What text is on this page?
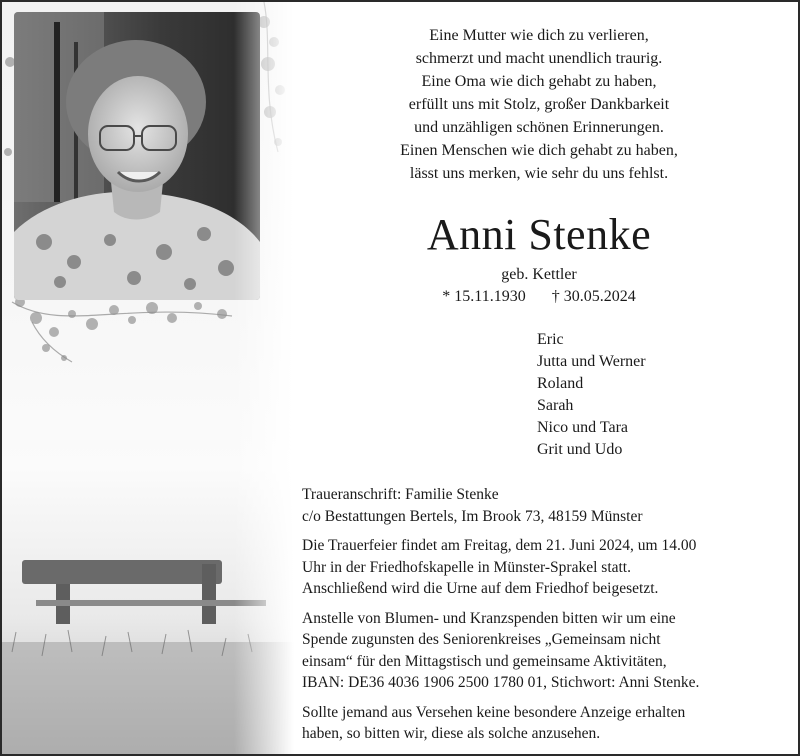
Eine Mutter wie dich zu verlieren,
schmerzt und macht unendlich traurig.
Eine Oma wie dich gehabt zu haben,
erfüllt uns mit Stolz, großer Dankbarkeit
und unzähligen schönen Erinnerungen.
Einen Menschen wie dich gehabt zu haben,
lässt uns merken, wie sehr du uns fehlst.
Anni Stenke
geb. Kettler
* 15.11.1930 † 30.05.2024
Eric
Jutta und Werner
Roland
Sarah
Nico und Tara
Grit und Udo

Traueranschrift: Familie Stenke
c/o Bestattungen Bertels, Im Brook 73, 48159 Münster

Die Trauerfeier findet am Freitag, dem 21. Juni 2024, um 14.00
Uhr in der Friedhofskapelle in Münster-Sprakel statt.
Anschließend wird die Urne auf dem Friedhof beigesetzt.

Anstelle von Blumen- und Kranzspenden bitten wir um eine
Spende zugunsten des Seniorenkreises „Gemeinsam nicht
einsam“ für den Mittagstisch und gemeinsame Aktivitäten,
IBAN: DE36 4036 1906 2500 1780 01, Stichwort: Anni Stenke.

Sollte jemand aus Versehen keine besondere Anzeige erhalten
haben, so bitten wir, diese als solche anzusehen.
